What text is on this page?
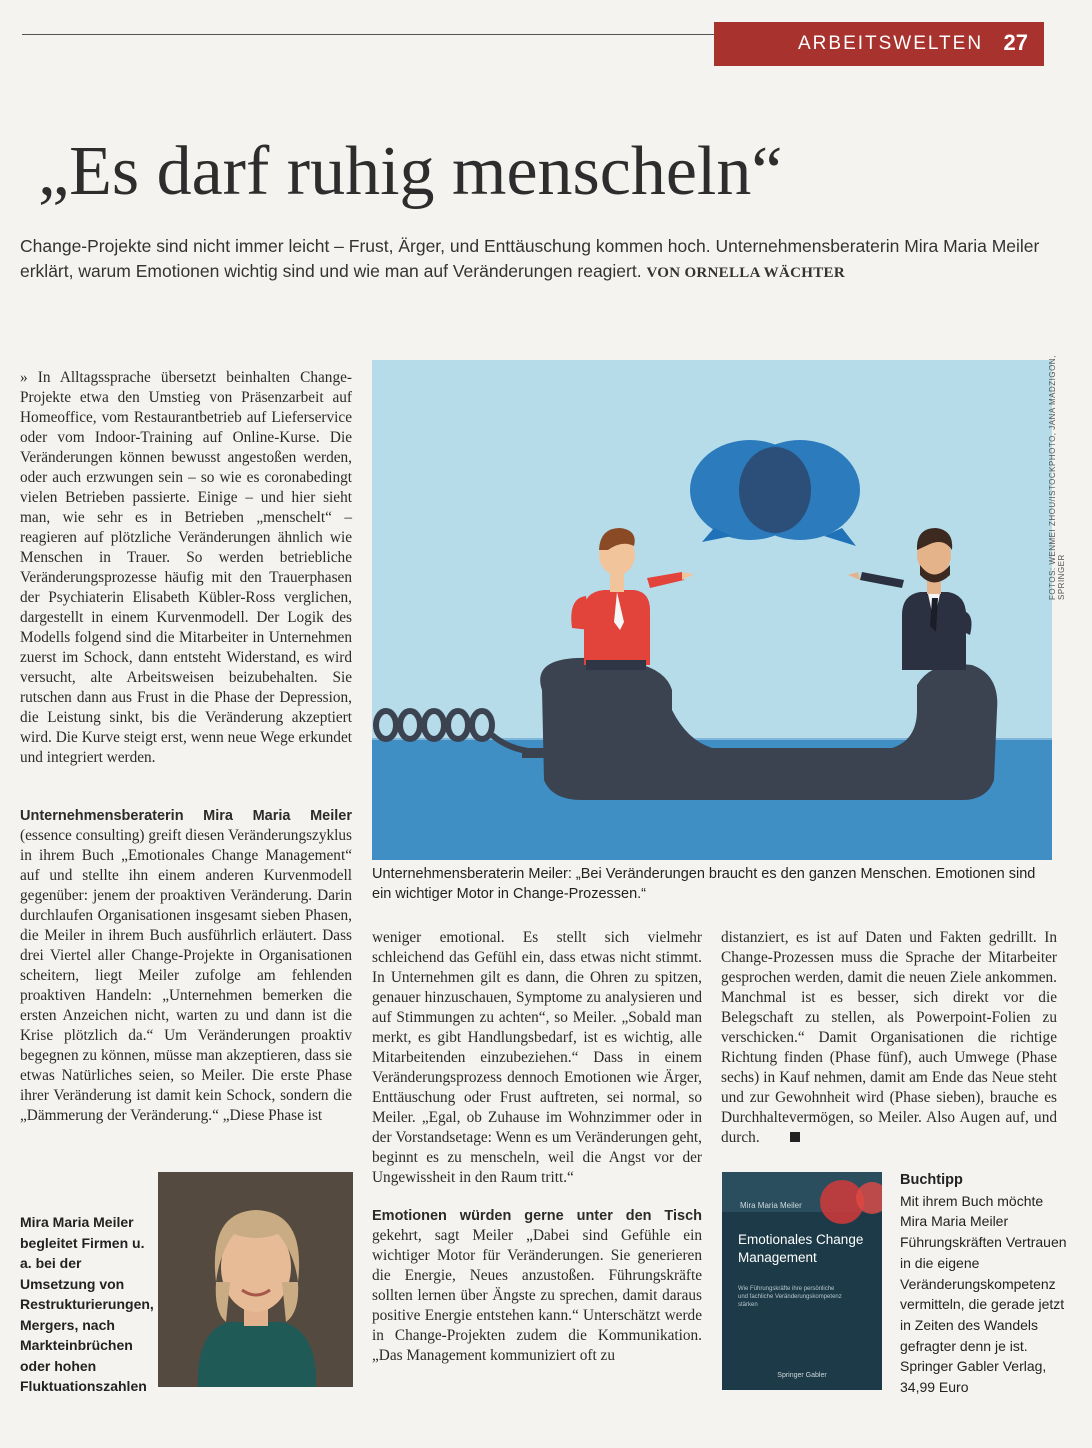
ARBEITSWELTEN 27
„Es darf ruhig menscheln“
Change-Projekte sind nicht immer leicht – Frust, Ärger, und Enttäuschung kommen hoch. Unternehmensberaterin Mira Maria Meiler erklärt, warum Emotionen wichtig sind und wie man auf Veränderungen reagiert. VON ORNELLA WÄCHTER

» In Alltagssprache übersetzt beinhalten Change-Projekte etwa den Umstieg von Präsenzarbeit auf Homeoffice, vom Restaurantbetrieb auf Lieferservice oder vom Indoor-Training auf Online-Kurse. Die Veränderungen können bewusst angestoßen werden, oder auch erzwungen sein – so wie es coronabedingt vielen Betrieben passierte. Einige – und hier sieht man, wie sehr es in Betrieben „menschelt“ – reagieren auf plötzliche Veränderungen ähnlich wie Menschen in Trauer. So werden betriebliche Veränderungsprozesse häufig mit den Trauerphasen der Psychiaterin Elisabeth Kübler-Ross verglichen, dargestellt in einem Kurvenmodell. Der Logik des Modells folgend sind die Mitarbeiter in Unternehmen zuerst im Schock, dann entsteht Widerstand, es wird versucht, alte Arbeitsweisen beizubehalten. Sie rutschen dann aus Frust in die Phase der Depression, die Leistung sinkt, bis die Veränderung akzeptiert wird. Die Kurve steigt erst, wenn neue Wege erkundet und integriert werden.

FOTOS: WENMEI ZHOU/ISTOCKPHOTO, JANA MADZIGON, SPRINGER
Unternehmensberaterin Meiler: „Bei Veränderungen braucht es den ganzen Menschen. Emotionen sind ein wichtiger Motor in Change-Prozessen.“

Unternehmensberaterin Mira Maria Meiler (essence consulting) greift diesen Veränderungszyklus in ihrem Buch „Emotionales Change Management“ auf und stellte ihn einem anderen Kurvenmodell gegenüber: jenem der proaktiven Veränderung. Darin durchlaufen Organisationen insgesamt sieben Phasen, die Meiler in ihrem Buch ausführlich erläutert. Dass drei Viertel aller Change-Projekte in Organisationen scheitern, liegt Meiler zufolge am fehlenden proaktiven Handeln: „Unternehmen bemerken die ersten Anzeichen nicht, warten zu und dann ist die Krise plötzlich da.“ Um Veränderungen proaktiv begegnen zu können, müsse man akzeptieren, dass sie etwas Natürliches seien, so Meiler. Die erste Phase ihrer Veränderung ist damit kein Schock, sondern die „Dämmerung der Veränderung.“ „Diese Phase ist

weniger emotional. Es stellt sich vielmehr schleichend das Gefühl ein, dass etwas nicht stimmt. In Unternehmen gilt es dann, die Ohren zu spitzen, genauer hinzuschauen, Symptome zu analysieren und auf Stimmungen zu achten“, so Meiler. „Sobald man merkt, es gibt Handlungsbedarf, ist es wichtig, alle Mitarbeitenden einzubeziehen.“ Dass in einem Veränderungsprozess dennoch Emotionen wie Ärger, Enttäuschung oder Frust auftreten, sei normal, so Meiler. „Egal, ob Zuhause im Wohnzimmer oder in der Vorstandsetage: Wenn es um Veränderungen geht, beginnt es zu menscheln, weil die Angst vor der Ungewissheit in den Raum tritt.“

Emotionen würden gerne unter den Tisch gekehrt, sagt Meiler „Dabei sind Gefühle ein wichtiger Motor für Veränderungen. Sie generieren die Energie, Neues anzustoßen. Führungskräfte sollten lernen über Ängste zu sprechen, damit daraus positive Energie entstehen kann.“ Unterschätzt werde in Change-Projekten zudem die Kommunikation. „Das Management kommuniziert oft zu

distanziert, es ist auf Daten und Fakten gedrillt. In Change-Prozessen muss die Sprache der Mitarbeiter gesprochen werden, damit die neuen Ziele ankommen. Manchmal ist es besser, sich direkt vor die Belegschaft zu stellen, als Powerpoint-Folien zu verschicken.“ Damit Organisationen die richtige Richtung finden (Phase fünf), auch Umwege (Phase sechs) in Kauf nehmen, damit am Ende das Neue steht und zur Gewohnheit wird (Phase sieben), brauche es Durchhaltevermögen, so Meiler. Also Augen auf, und durch.

Mira Maria Meiler begleitet Firmen u. a. bei der Umsetzung von Restrukturierungen, Mergers, nach Markteinbrüchen oder hohen Fluktuationszahlen
Mira Maria Meiler
Emotionales Change Management
Wie Führungskräfte ihre persönliche und fachliche Veränderungskompetenz stärken
Springer Gabler
Buchtipp
Mit ihrem Buch möchte Mira Maria Meiler Führungskräften Vertrauen in die eigene Veränderungskompetenz vermitteln, die gerade jetzt in Zeiten des Wandels gefragter denn je ist. Springer Gabler Verlag, 34,99 Euro
